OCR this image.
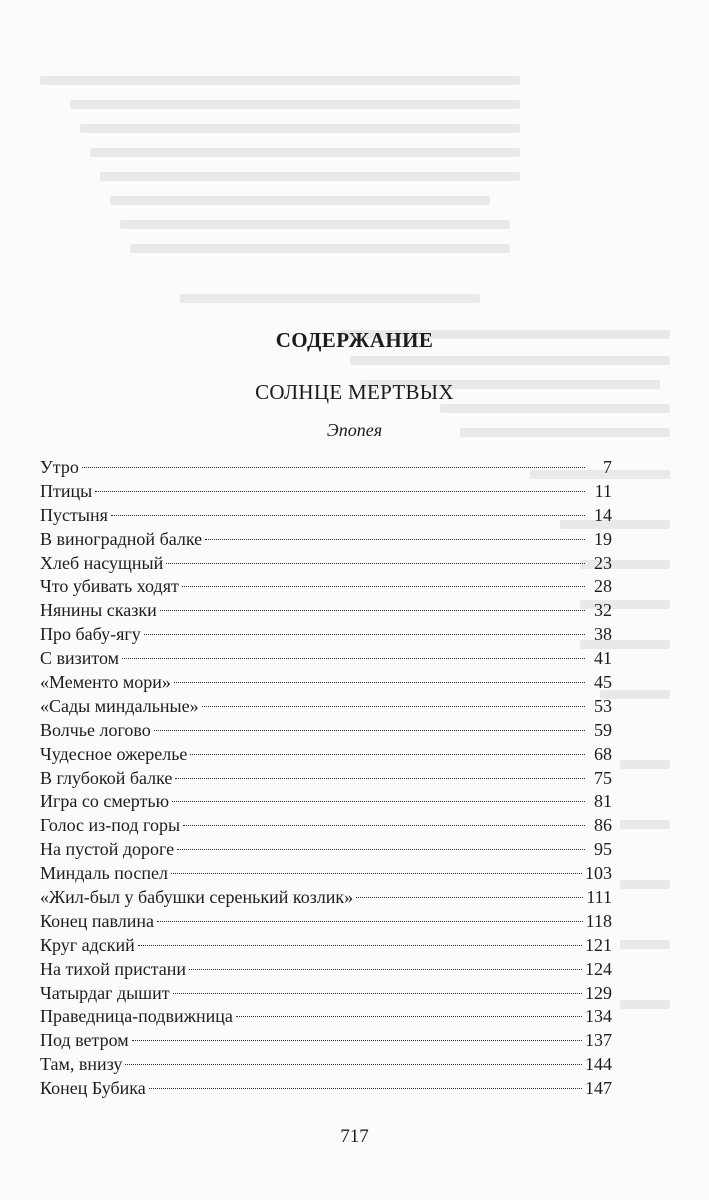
СОДЕРЖАНИЕ
СОЛНЦЕ МЕРТВЫХ
Эпопея
Утро	7
Птицы	11
Пустыня	14
В виноградной балке	19
Хлеб насущный	23
Что убивать ходят	28
Нянины сказки	32
Про бабу-ягу	38
С визитом	41
«Мементо мори»	45
«Сады миндальные»	53
Волчье логово	59
Чудесное ожерелье	68
В глубокой балке	75
Игра со смертью	81
Голос из-под горы	86
На пустой дороге	95
Миндаль поспел	103
«Жил-был у бабушки серенький козлик»	111
Конец павлина	118
Круг адский	121
На тихой пристани	124
Чатырдаг дышит	129
Праведница-подвижница	134
Под ветром	137
Там, внизу	144
Конец Бубика	147
717
